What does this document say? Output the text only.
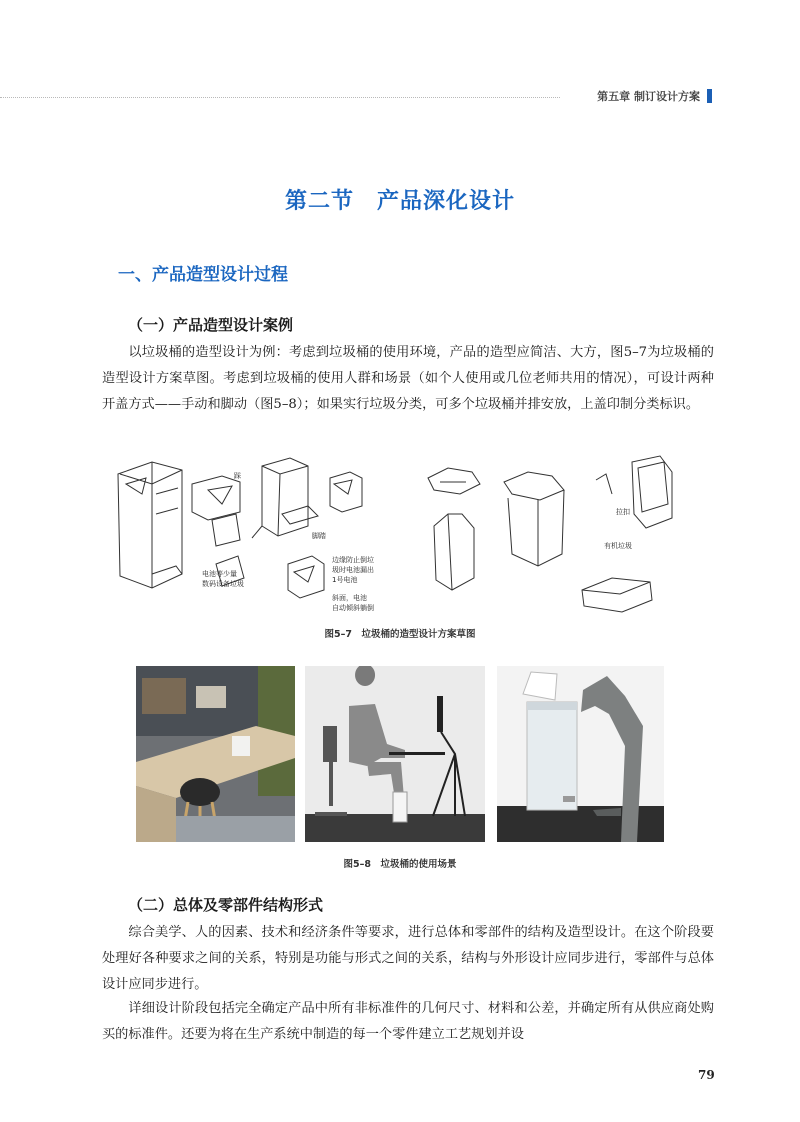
第五章 制订设计方案
第二节　产品深化设计
一、产品造型设计过程
（一）产品造型设计案例

以垃圾桶的造型设计为例：考虑到垃圾桶的使用环境，产品的造型应简洁、大方，图5–7为垃圾桶的造型设计方案草图。考虑到垃圾桶的使用人群和场景（如个人使用或几位老师共用的情况），可设计两种开盖方式——手动和脚动（图5–8）；如果实行垃圾分类，可多个垃圾桶并排安放，上盖印制分类标识。

踩
脚踏
电池等少量
数码设备垃圾
边缘防止倒垃
圾时电池漏出
1号电池
斜面，电池
自动倾斜躺倒
拉扣
有机垃圾
图5–7　垃圾桶的造型设计方案草图
图5–8　垃圾桶的使用场景
（二）总体及零部件结构形式

综合美学、人的因素、技术和经济条件等要求，进行总体和零部件的结构及造型设计。在这个阶段要处理好各种要求之间的关系，特别是功能与形式之间的关系，结构与外形设计应同步进行，零部件与总体设计应同步进行。

详细设计阶段包括完全确定产品中所有非标准件的几何尺寸、材料和公差，并确定所有从供应商处购买的标准件。还要为将在生产系统中制造的每一个零件建立工艺规划并设

79
